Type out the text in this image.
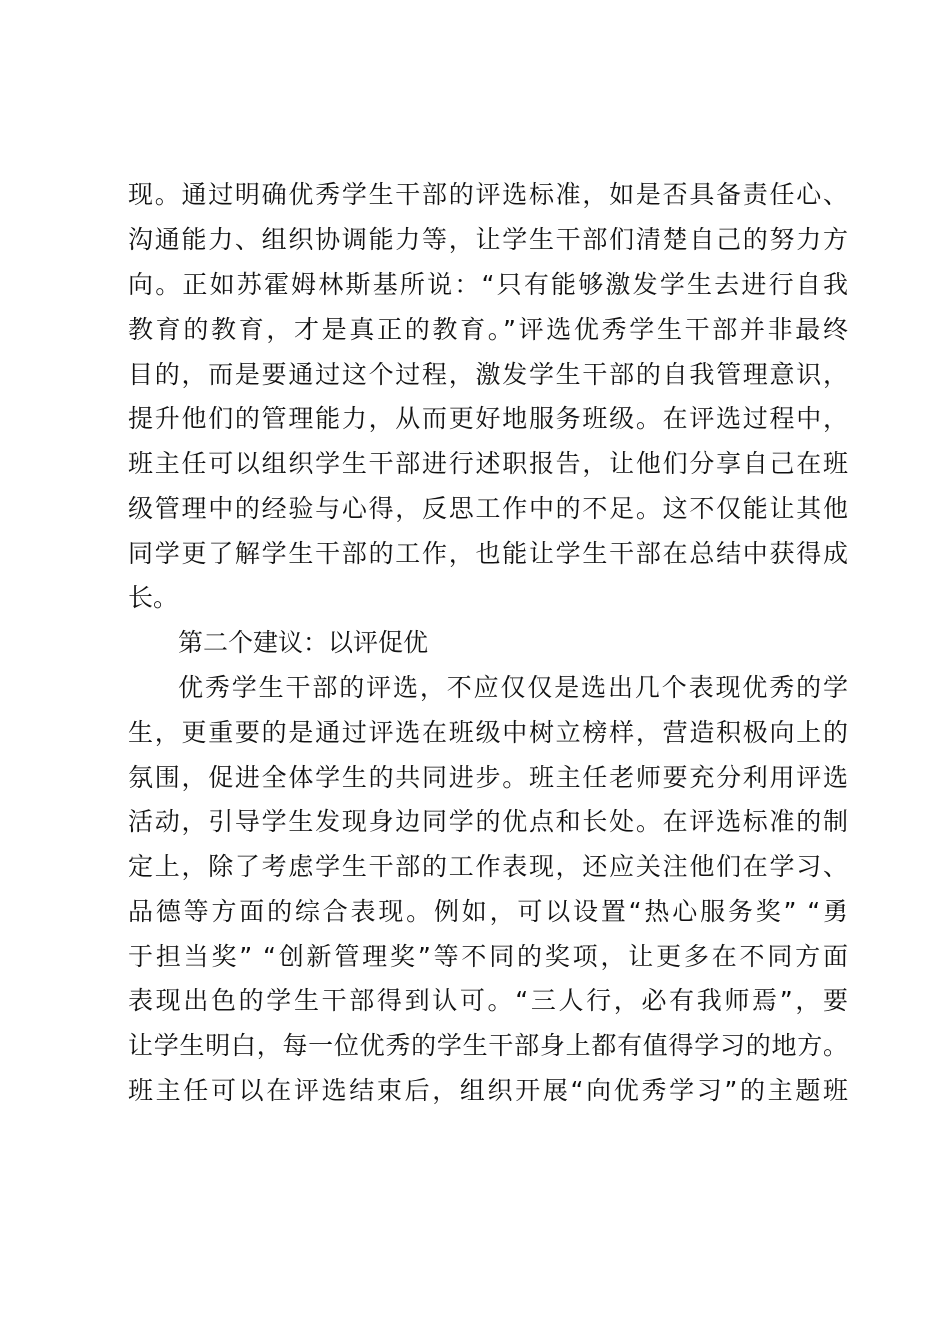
现。通过明确优秀学生干部的评选标准，如是否具备责任心、

沟通能力、组织协调能力等，让学生干部们清楚自己的努力方

向。正如苏霍姆林斯基所说：“只有能够激发学生去进行自我

教育的教育，才是真正的教育。”评选优秀学生干部并非最终

目的，而是要通过这个过程，激发学生干部的自我管理意识，

提升他们的管理能力，从而更好地服务班级。在评选过程中，

班主任可以组织学生干部进行述职报告，让他们分享自己在班

级管理中的经验与心得，反思工作中的不足。这不仅能让其他

同学更了解学生干部的工作，也能让学生干部在总结中获得成

长。

第二个建议：以评促优

优秀学生干部的评选，不应仅仅是选出几个表现优秀的学

生，更重要的是通过评选在班级中树立榜样，营造积极向上的

氛围，促进全体学生的共同进步。班主任老师要充分利用评选

活动，引导学生发现身边同学的优点和长处。在评选标准的制

定上，除了考虑学生干部的工作表现，还应关注他们在学习、

品德等方面的综合表现。例如，可以设置“热心服务奖” “勇

于担当奖” “创新管理奖”等不同的奖项，让更多在不同方面

表现出色的学生干部得到认可。“三人行，必有我师焉”，要

让学生明白，每一位优秀的学生干部身上都有值得学习的地方。

班主任可以在评选结束后，组织开展“向优秀学习”的主题班
